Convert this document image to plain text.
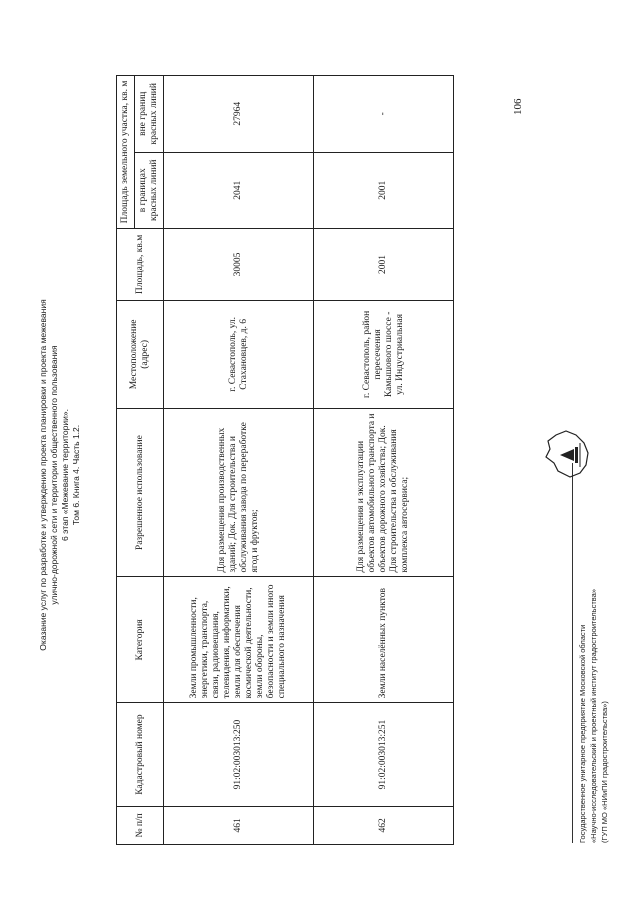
Оказание услуг по разработке и утверждению проекта планировки и проекта межевания улично-дорожной сети и территории общественного пользования 6 этап «Межевание территории». Том 6. Книга 4. Часть 1.2.
106
№ п/п	Кадастровый номер	Категория	Разрешенное использование	Местоположение (адрес)	Площадь, кв.м	Площадь земельного участка, кв. м	
						в границах красных линий	вне границ красных линий
461	91:02:003013:250	Земли промышленности, энергетики, транспорта, связи, радиовещания, телевидения, информатики, земли для обеспечения космической деятельности, земли обороны, безопасности и земли иного специального назначения	Для размещения производственных зданий; Док. Для строительства и обслуживания завода по переработке ягод и фруктов;	г. Севастополь, ул. Стахановцев, д. 6	30005	2041	27964
462	91:02:003013:251	Земли населённых пунктов	Для размещения и эксплуатации объектов автомобильного транспорта и объектов дорожного хозяйства; Док. Для строительства и обслуживания комплекса автосервиса;	г. Севастополь, район пересечения Камышового шоссе - ул. Индустриальная	2001	2001	-
Государственное унитарное предприятие Московской области «Научно-исследовательский и проектный институт градостроительства» (ГУП МО «НИиПИ градостроительства»)
